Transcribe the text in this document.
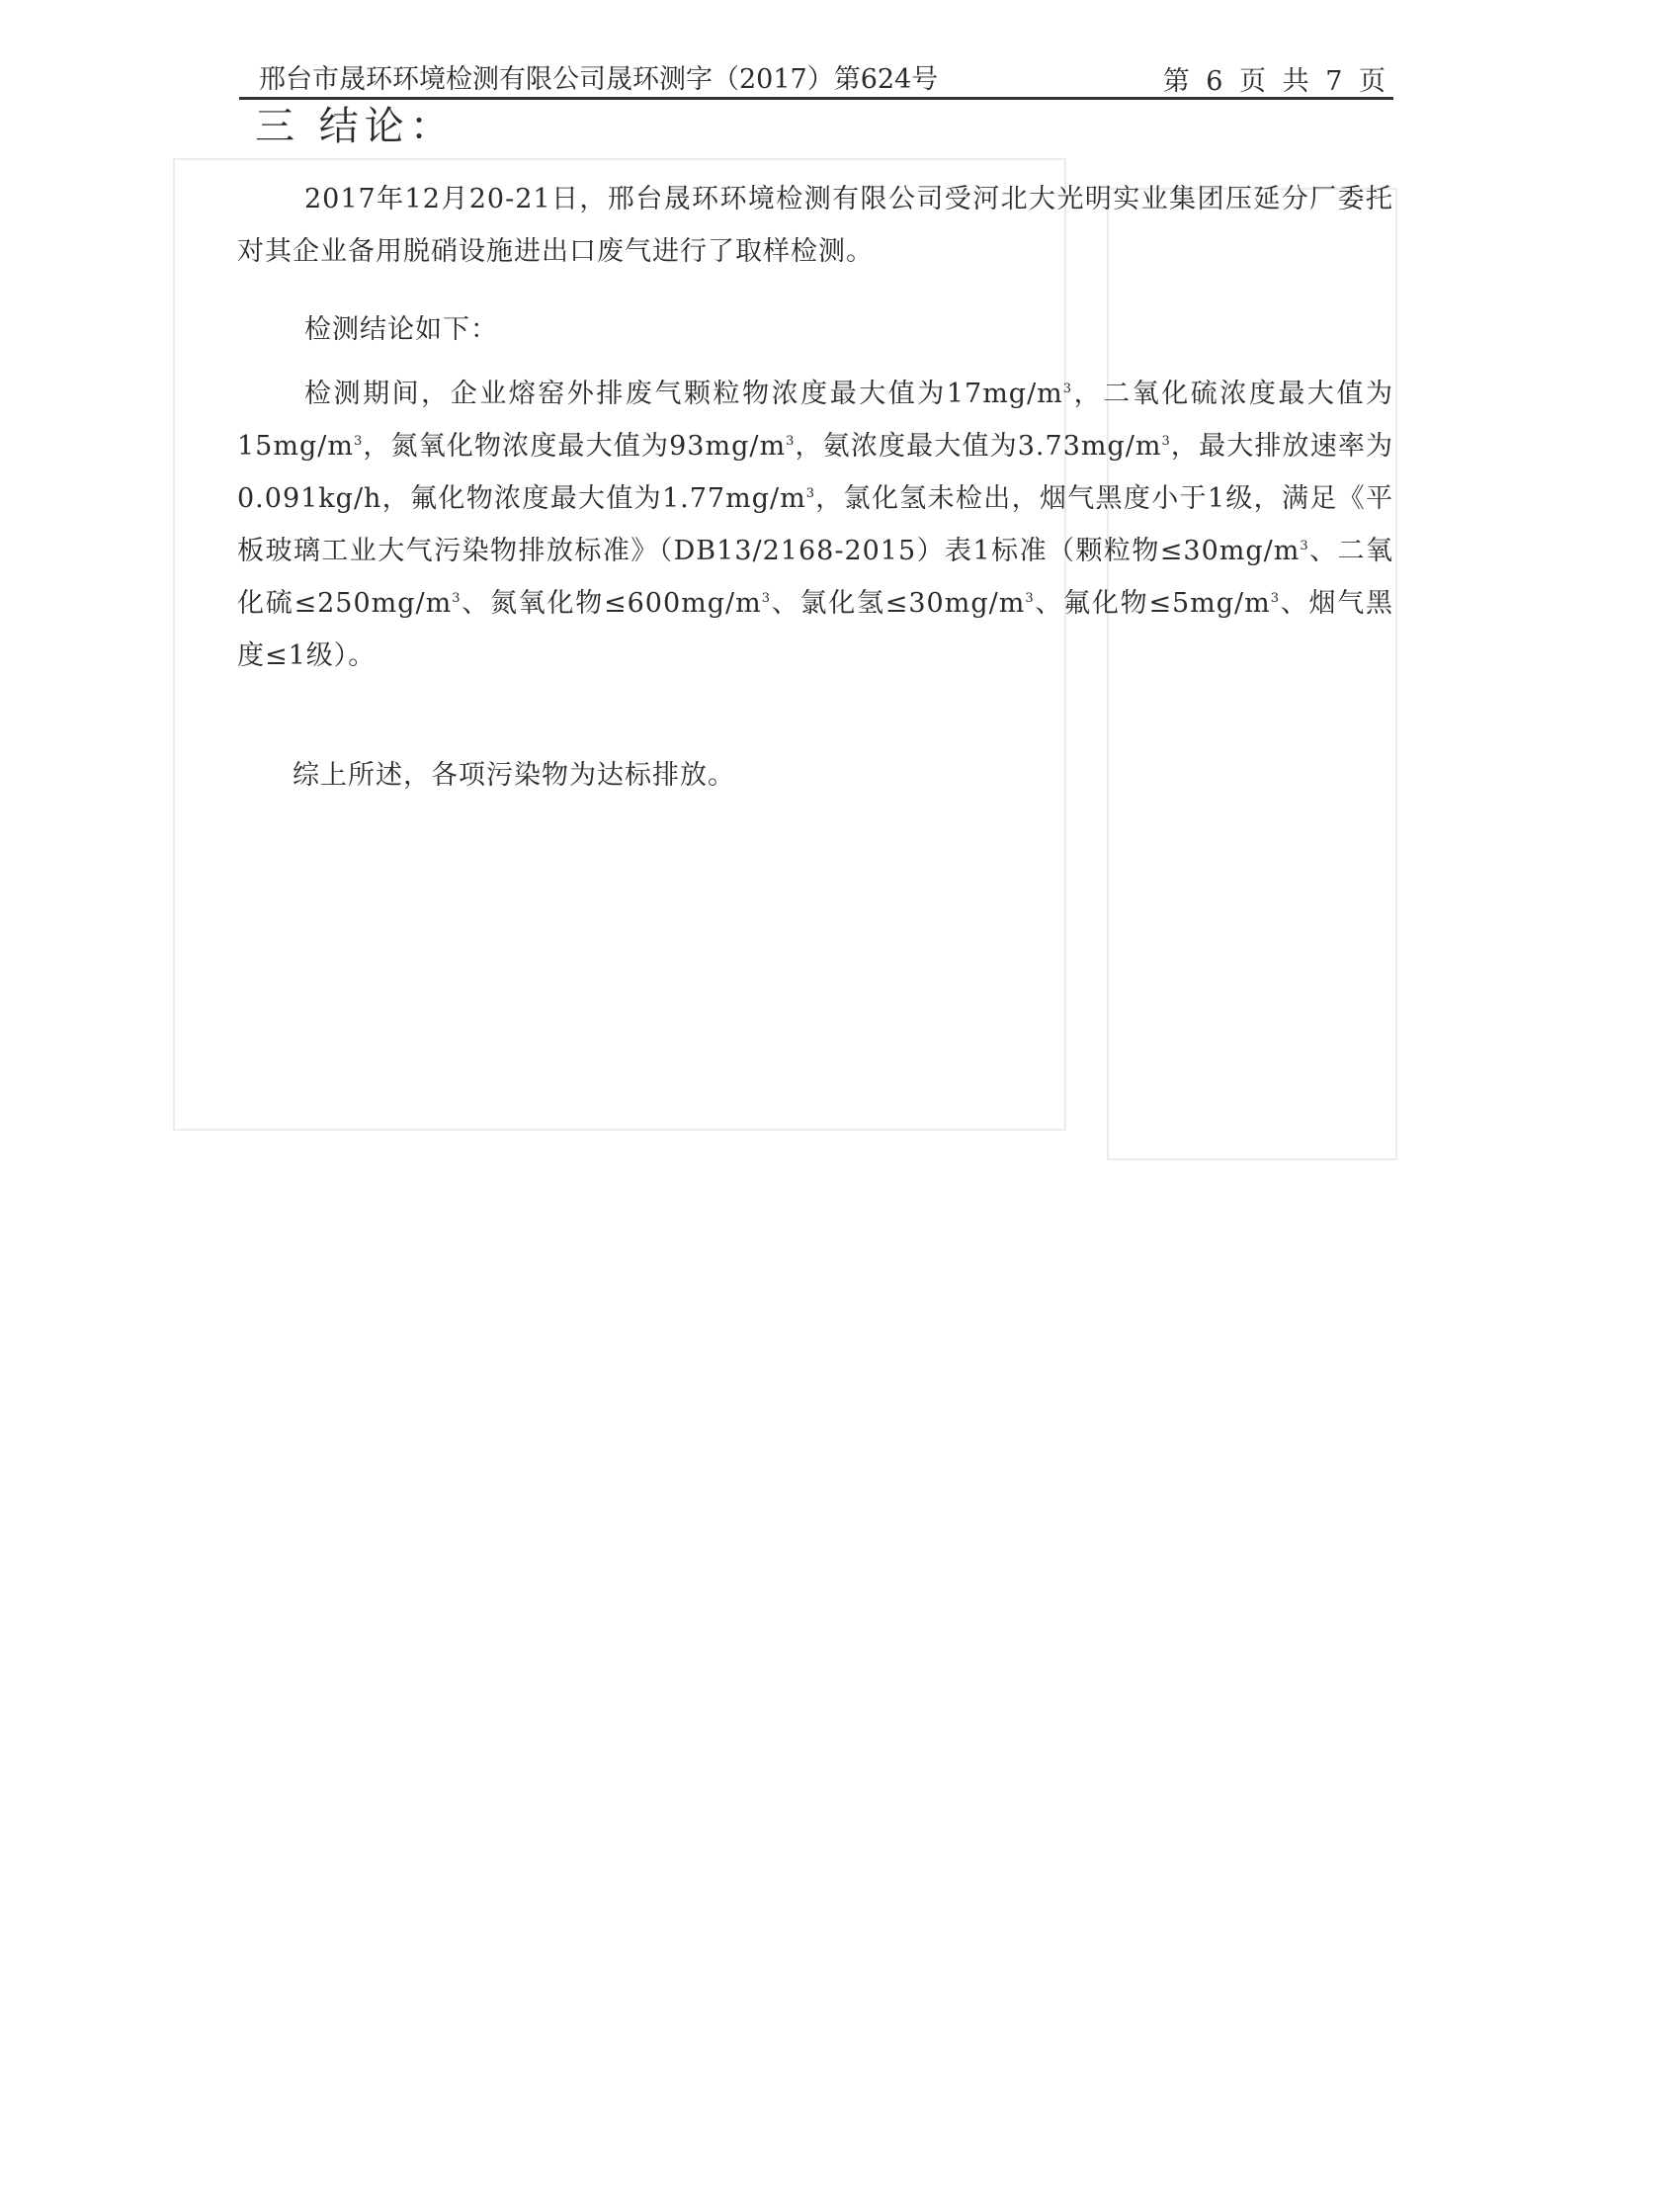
邢台市晟环环境检测有限公司晟环测字（2017）第624号	第 6 页 共 7 页
三 结论：
2017年12月20-21日，邢台晟环环境检测有限公司受河北大光明实业集团压延分厂委托对其企业备用脱硝设施进出口废气进行了取样检测。
检测结论如下：
检测期间，企业熔窑外排废气颗粒物浓度最大值为$17mg/m^3$，二氧化硫浓度最大值为$15mg/m^3$，氮氧化物浓度最大值为$93mg/m^3$，氨浓度最大值为$3.73mg/m^3$，最大排放速率为0.091kg/h，氟化物浓度最大值为$1.77mg/m^3$，氯化氢未检出，烟气黑度小于1级，满足《平板玻璃工业大气污染物排放标准》（DB13/2168-2015）表1标准（颗粒物$\le 30mg/m^3$、二氧化硫$\le 250mg/m^3$、氮氧化物$\le 600mg/m^3$、氯化氢$\le 30mg/m^3$、氟化物$\le 5mg/m^3$、烟气黑度≤1级）。
综上所述，各项污染物为达标排放。
